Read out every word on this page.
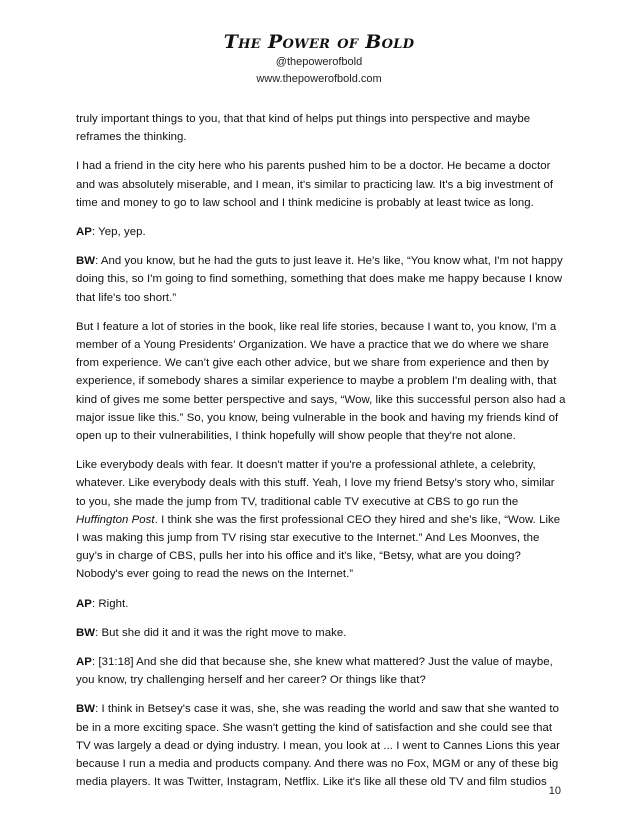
The Power of Bold
@thepowerofbold
www.thepowerofbold.com

truly important things to you, that that kind of helps put things into perspective and maybe reframes the thinking.

I had a friend in the city here who his parents pushed him to be a doctor. He became a doctor and was absolutely miserable, and I mean, it's similar to practicing law. It's a big investment of time and money to go to law school and I think medicine is probably at least twice as long.

AP: Yep, yep.

BW: And you know, but he had the guts to just leave it. He's like, “You know what, I'm not happy doing this, so I'm going to find something, something that does make me happy because I know that life's too short.”

But I feature a lot of stories in the book, like real life stories, because I want to, you know, I'm a member of a Young Presidents’ Organization. We have a practice that we do where we share from experience. We can’t give each other advice, but we share from experience and then by experience, if somebody shares a similar experience to maybe a problem I'm dealing with, that kind of gives me some better perspective and says, “Wow, like this successful person also had a major issue like this.” So, you know, being vulnerable in the book and having my friends kind of open up to their vulnerabilities, I think hopefully will show people that they're not alone.

Like everybody deals with fear. It doesn't matter if you're a professional athlete, a celebrity, whatever. Like everybody deals with this stuff. Yeah, I love my friend Betsy’s story who, similar to you, she made the jump from TV, traditional cable TV executive at CBS to go run the Huffington Post. I think she was the first professional CEO they hired and she's like, “Wow. Like I was making this jump from TV rising star executive to the Internet.” And Les Moonves, the guy’s in charge of CBS, pulls her into his office and it's like, “Betsy, what are you doing? Nobody's ever going to read the news on the Internet.”

AP: Right.

BW: But she did it and it was the right move to make.

AP: [31:18] And she did that because she, she knew what mattered? Just the value of maybe, you know, try challenging herself and her career? Or things like that?

BW: I think in Betsey's case it was, she, she was reading the world and saw that she wanted to be in a more exciting space. She wasn't getting the kind of satisfaction and she could see that TV was largely a dead or dying industry. I mean, you look at ... I went to Cannes Lions this year because I run a media and products company. And there was no Fox, MGM or any of these big media players. It was Twitter, Instagram, Netflix. Like it's like all these old TV and film studios

10
